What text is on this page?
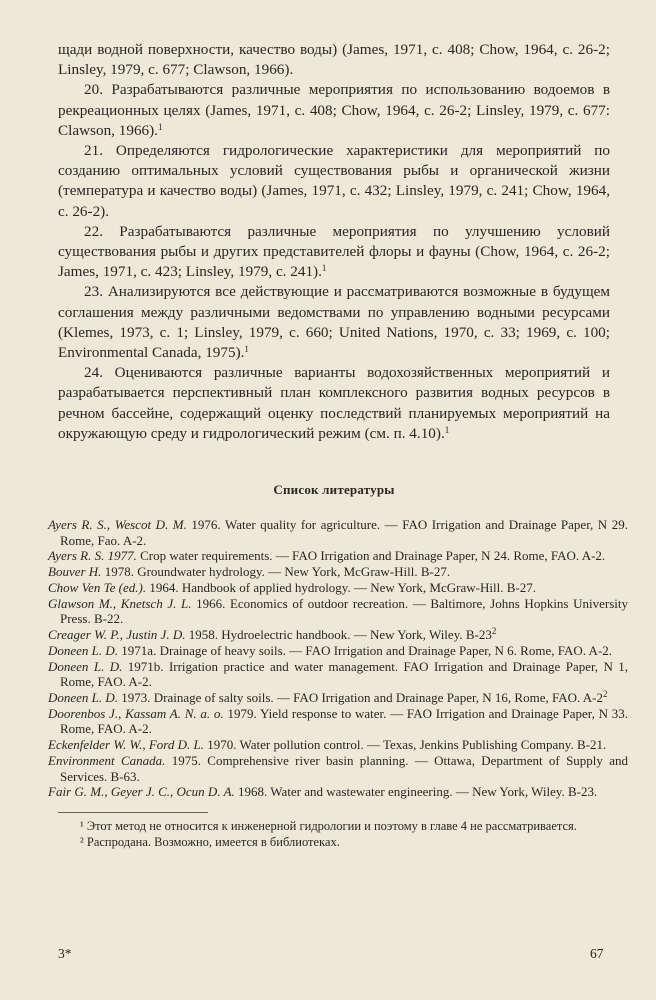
щади водной поверхности, качество воды) (James, 1971, с. 408; Chow, 1964, с. 26-2; Linsley, 1979, с. 677; Clawson, 1966).

20. Разрабатываются различные мероприятия по использованию водоемов в рекреационных целях (James, 1971, с. 408; Chow, 1964, с. 26-2; Linsley, 1979, с. 677: Clawson, 1966).$^1$

21. Определяются гидрологические характеристики для мероприятий по созданию оптимальных условий существования рыбы и органической жизни (температура и качество воды) (James, 1971, с. 432; Linsley, 1979, с. 241; Chow, 1964, с. 26-2).

22. Разрабатываются различные мероприятия по улучшению условий существования рыбы и других представителей флоры и фауны (Chow, 1964, с. 26-2; James, 1971, с. 423; Linsley, 1979, с. 241).$^1$

23. Анализируются все действующие и рассматриваются возможные в будущем соглашения между различными ведомствами по управлению водными ресурсами (Klemes, 1973, с. 1; Linsley, 1979, с. 660; United Nations, 1970, с. 33; 1969, с. 100; Environmental Canada, 1975).$^1$

24. Оцениваются различные варианты водохозяйственных мероприятий и разрабатывается перспективный план комплексного развития водных ресурсов в речном бассейне, содержащий оценку последствий планируемых мероприятий на окружающую среду и гидрологический режим (см. п. 4.10).$^1$

Список литературы

Ayers R. S., Wescot D. M. 1976. Water quality for agriculture. — FAO Irrigation and Drainage Paper, N 29. Rome, Fao. A-2.

Ayers R. S. 1977. Crop water requirements. — FAO Irrigation and Drainage Paper, N 24. Rome, FAO. A-2.

Bouver H. 1978. Groundwater hydrology. — New York, McGraw-Hill. B-27.

Chow Ven Te (ed.). 1964. Handbook of applied hydrology. — New York, McGraw-Hill. B-27.

Glawson M., Knetsch J. L. 1966. Economics of outdoor recreation. — Baltimore, Johns Hopkins University Press. B-22.

Creager W. P., Justin J. D. 1958. Hydroelectric handbook. — New York, Wiley. $B-23^2$

Doneen L. D. 1971a. Drainage of heavy soils. — FAO Irrigation and Drainage Paper, N 6. Rome, FAO. A-2.

Doneen L. D. 1971b. Irrigation practice and water management. FAO Irrigation and Drainage Paper, N 1, Rome, FAO. A-2.

Doneen L. D. 1973. Drainage of salty soils. — FAO Irrigation and Drainage Paper, N 16, Rome, FAO. $A-2^2$

Doorenbos J., Kassam A. N. a. o. 1979. Yield response to water. — FAO Irrigation and Drainage Paper, N 33. Rome, FAO. A-2.

Eckenfelder W. W., Ford D. L. 1970. Water pollution control. — Texas, Jenkins Publishing Company. B-21.

Environment Canada. 1975. Comprehensive river basin planning. — Ottawa, Department of Supply and Services. B-63.

Fair G. M., Geyer J. C., Ocun D. A. 1968. Water and wastewater engineering. — New York, Wiley. B-23.

¹ Этот метод не относится к инженерной гидрологии и поэтому в главе 4 не рассматривается.

² Распродана. Возможно, имеется в библиотеках.

3*	67
